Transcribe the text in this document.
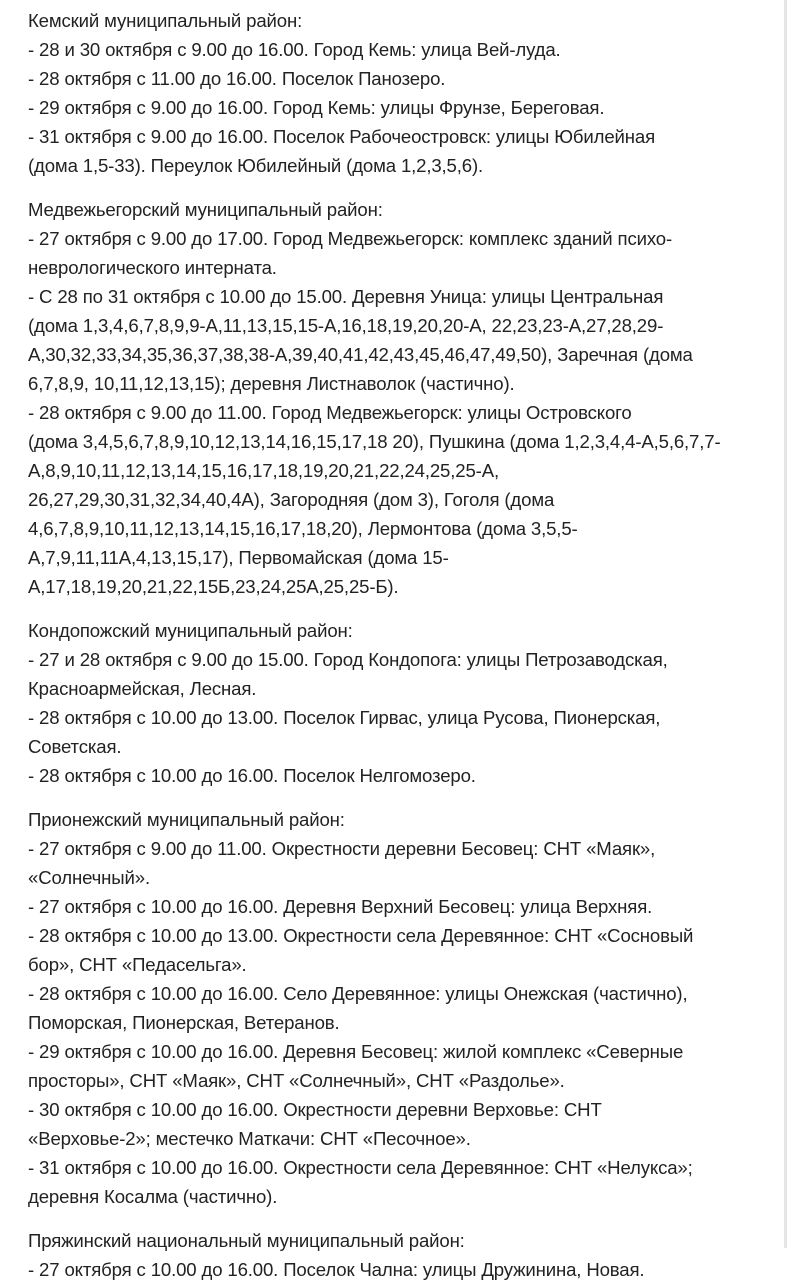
Кемский муниципальный район:
- 28 и 30 октября с 9.00 до 16.00. Город Кемь: улица Вей-луда.
- 28 октября с 11.00 до 16.00. Поселок Панозеро.
- 29 октября с 9.00 до 16.00. Город Кемь: улицы Фрунзе, Береговая.
- 31 октября с 9.00 до 16.00. Поселок Рабочеостровск: улицы Юбилейная
(дома 1,5-33). Переулок Юбилейный (дома 1,2,3,5,6).
Медвежьегорский муниципальный район:
- 27 октября с 9.00 до 17.00. Город Медвежьегорск: комплекс зданий психо-
неврологического интерната.
- С 28 по 31 октября с 10.00 до 15.00. Деревня Уница: улицы Центральная
(дома 1,3,4,6,7,8,9,9-А,11,13,15,15-А,16,18,19,20,20-А, 22,23,23-А,27,28,29-
А,30,32,33,34,35,36,37,38,38-А,39,40,41,42,43,45,46,47,49,50), Заречная (дома
6,7,8,9, 10,11,12,13,15); деревня Листнаволок (частично).
- 28 октября с 9.00 до 11.00. Город Медвежьегорск: улицы Островского
(дома 3,4,5,6,7,8,9,10,12,13,14,16,15,17,18 20), Пушкина (дома 1,2,3,4,4-А,5,6,7,7-
А,8,9,10,11,12,13,14,15,16,17,18,19,20,21,22,24,25,25-А,
26,27,29,30,31,32,34,40,4А), Загородняя (дом 3), Гоголя (дома
4,6,7,8,9,10,11,12,13,14,15,16,17,18,20), Лермонтова (дома 3,5,5-
А,7,9,11,11А,4,13,15,17), Первомайская (дома 15-
А,17,18,19,20,21,22,15Б,23,24,25А,25,25-Б).
Кондопожский муниципальный район:
- 27 и 28 октября с 9.00 до 15.00. Город Кондопога: улицы Петрозаводская,
Красноармейская, Лесная.
- 28 октября с 10.00 до 13.00. Поселок Гирвас, улица Русова, Пионерская,
Советская.
- 28 октября с 10.00 до 16.00. Поселок Нелгомозеро.
Прионежский муниципальный район:
- 27 октября с 9.00 до 11.00. Окрестности деревни Бесовец: СНТ «Маяк»,
«Солнечный».
- 27 октября с 10.00 до 16.00. Деревня Верхний Бесовец: улица Верхняя.
- 28 октября с 10.00 до 13.00. Окрестности села Деревянное: СНТ «Сосновый
бор», СНТ «Педасельга».
- 28 октября с 10.00 до 16.00. Село Деревянное: улицы Онежская (частично),
Поморская, Пионерская, Ветеранов.
- 29 октября с 10.00 до 16.00. Деревня Бесовец: жилой комплекс «Северные
просторы», СНТ «Маяк», СНТ «Солнечный», СНТ «Раздолье».
- 30 октября с 10.00 до 16.00. Окрестности деревни Верховье: СНТ
«Верховье-2»; местечко Маткачи: СНТ «Песочное».
- 31 октября с 10.00 до 16.00. Окрестности села Деревянное: СНТ «Нелукса»;
деревня Косалма (частично).
Пряжинский национальный муниципальный район:
- 27 октября с 10.00 до 16.00. Поселок Чална: улицы Дружинина, Новая.
